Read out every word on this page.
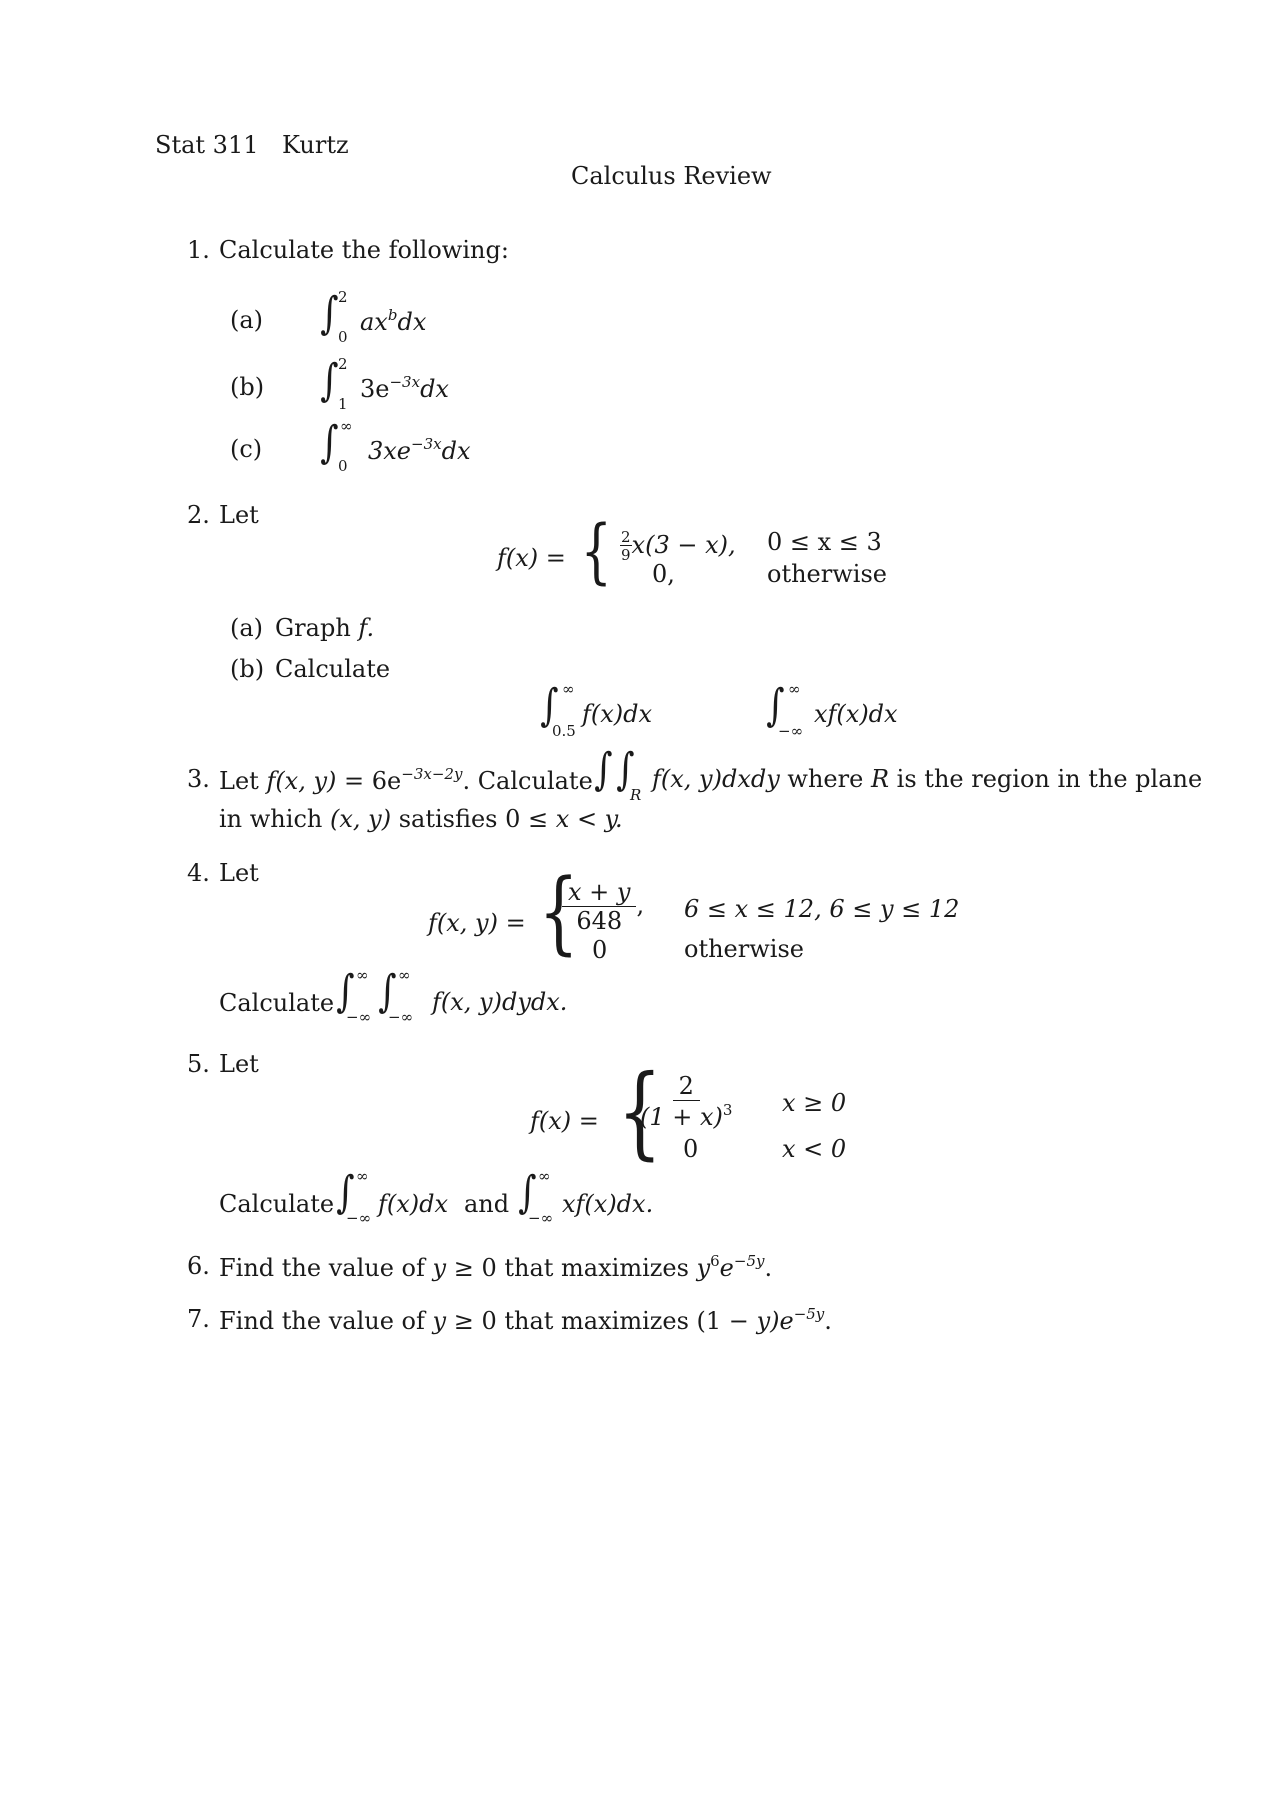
Stat 311 Kurtz
Calculus Review
1. Calculate the following:
(a) ∫ 2
0
$ax^bdx$
(b) ∫ 2
1
$3e^{-3x}dx$
(c) ∫ ∞
0
$3xe^{-3x}dx$
2. Let
f(x) = { $\frac{2}{9} x(3 - x)$,
0,
0 ≤ x ≤ 3
otherwise
(a) Graph f.
(b) Calculate
∫ ∞
0.5
f(x)dx	∫ ∞
−∞
xf(x)dx
3. Let f(x, $y) = 6e^{-3x-2y}$. Calculate ∫ ∫
R
f(x, y)dxdy where R is the region in the plane
in which (x, y) satisfies 0 ≤ x < y.
4. Let
f(x, y) = {
$\frac{x + y}{648}$ ,
0
6 ≤ x ≤ 12, 6 ≤ y ≤ 12
otherwise
Calculate ∫ ∞
−∞ ∫ ∞
−∞
f(x, y)dydx.
5. Let
f(x) = {
$\frac{2}{(1 + x)^3}$
0
x ≥ 0
x < 0
Calculate ∫ ∞
−∞ f(x)dx and ∫ ∞
−∞ xf(x)dx.
6. Find the value of y ≥ 0 that maximizes $y^6e^{-5y}$.
7. Find the value of y ≥ 0 that maximizes $(1 - y)e^{-5y}$.
